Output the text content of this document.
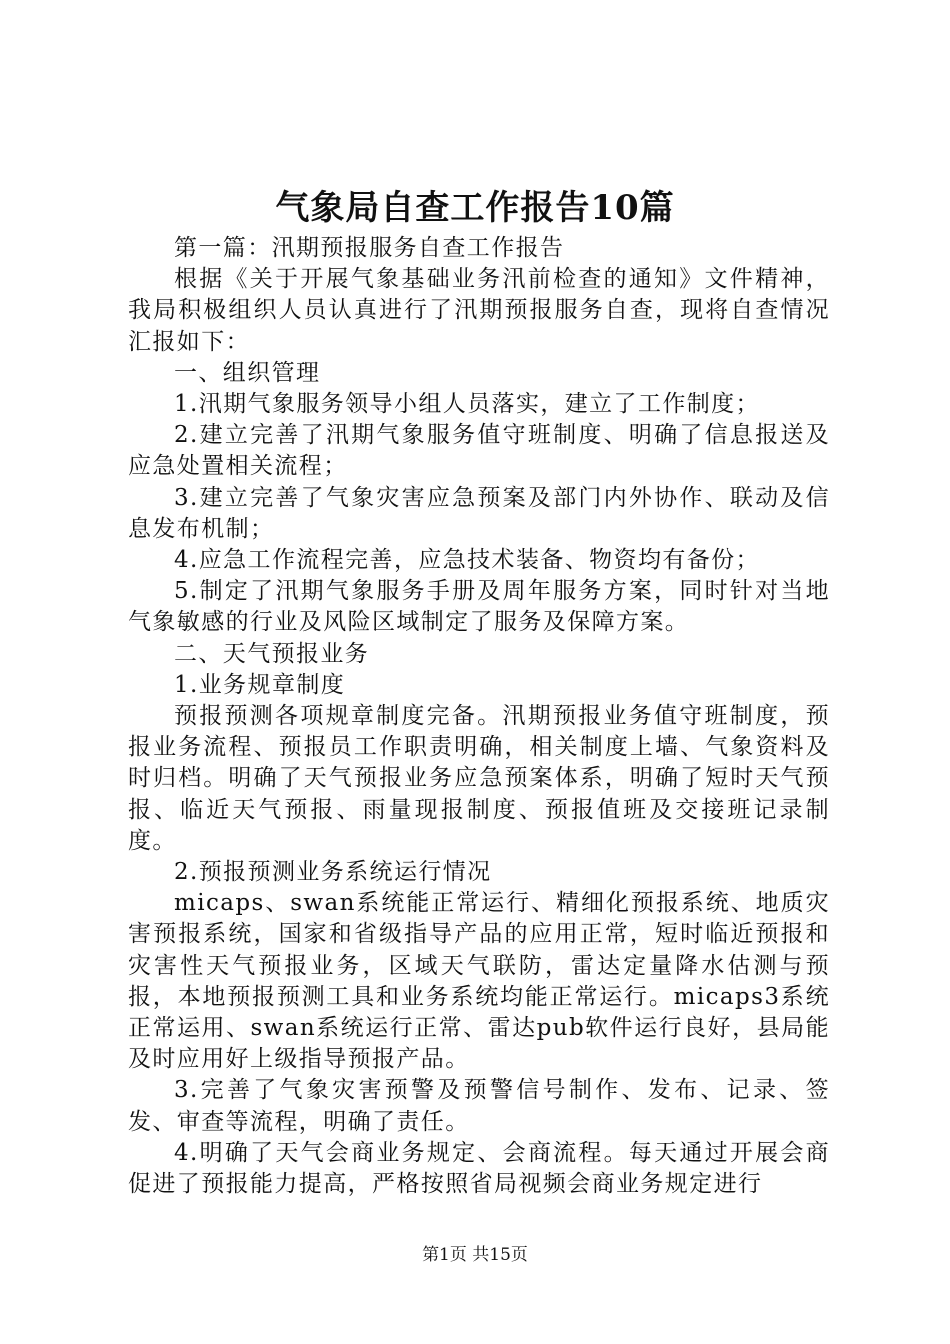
气象局自查工作报告10篇

第一篇：汛期预报服务自查工作报告

根据《关于开展气象基础业务汛前检查的通知》文件精神，我局积极组织人员认真进行了汛期预报服务自查，现将自查情况汇报如下：

一、组织管理

1.汛期气象服务领导小组人员落实，建立了工作制度；

2.建立完善了汛期气象服务值守班制度、明确了信息报送及应急处置相关流程；

3.建立完善了气象灾害应急预案及部门内外协作、联动及信息发布机制；

4.应急工作流程完善，应急技术装备、物资均有备份；

5.制定了汛期气象服务手册及周年服务方案，同时针对当地气象敏感的行业及风险区域制定了服务及保障方案。

二、天气预报业务

1.业务规章制度

预报预测各项规章制度完备。汛期预报业务值守班制度，预报业务流程、预报员工作职责明确，相关制度上墙、气象资料及时归档。明确了天气预报业务应急预案体系，明确了短时天气预报、临近天气预报、雨量现报制度、预报值班及交接班记录制度。

2.预报预测业务系统运行情况

micaps、swan系统能正常运行、精细化预报系统、地质灾害预报系统，国家和省级指导产品的应用正常，短时临近预报和灾害性天气预报业务，区域天气联防，雷达定量降水估测与预报，本地预报预测工具和业务系统均能正常运行。micaps3系统正常运用、swan系统运行正常、雷达pub软件运行良好，县局能及时应用好上级指导预报产品。

3.完善了气象灾害预警及预警信号制作、发布、记录、签发、审查等流程，明确了责任。

4.明确了天气会商业务规定、会商流程。每天通过开展会商促进了预报能力提高，严格按照省局视频会商业务规定进行

第1页 共15页
